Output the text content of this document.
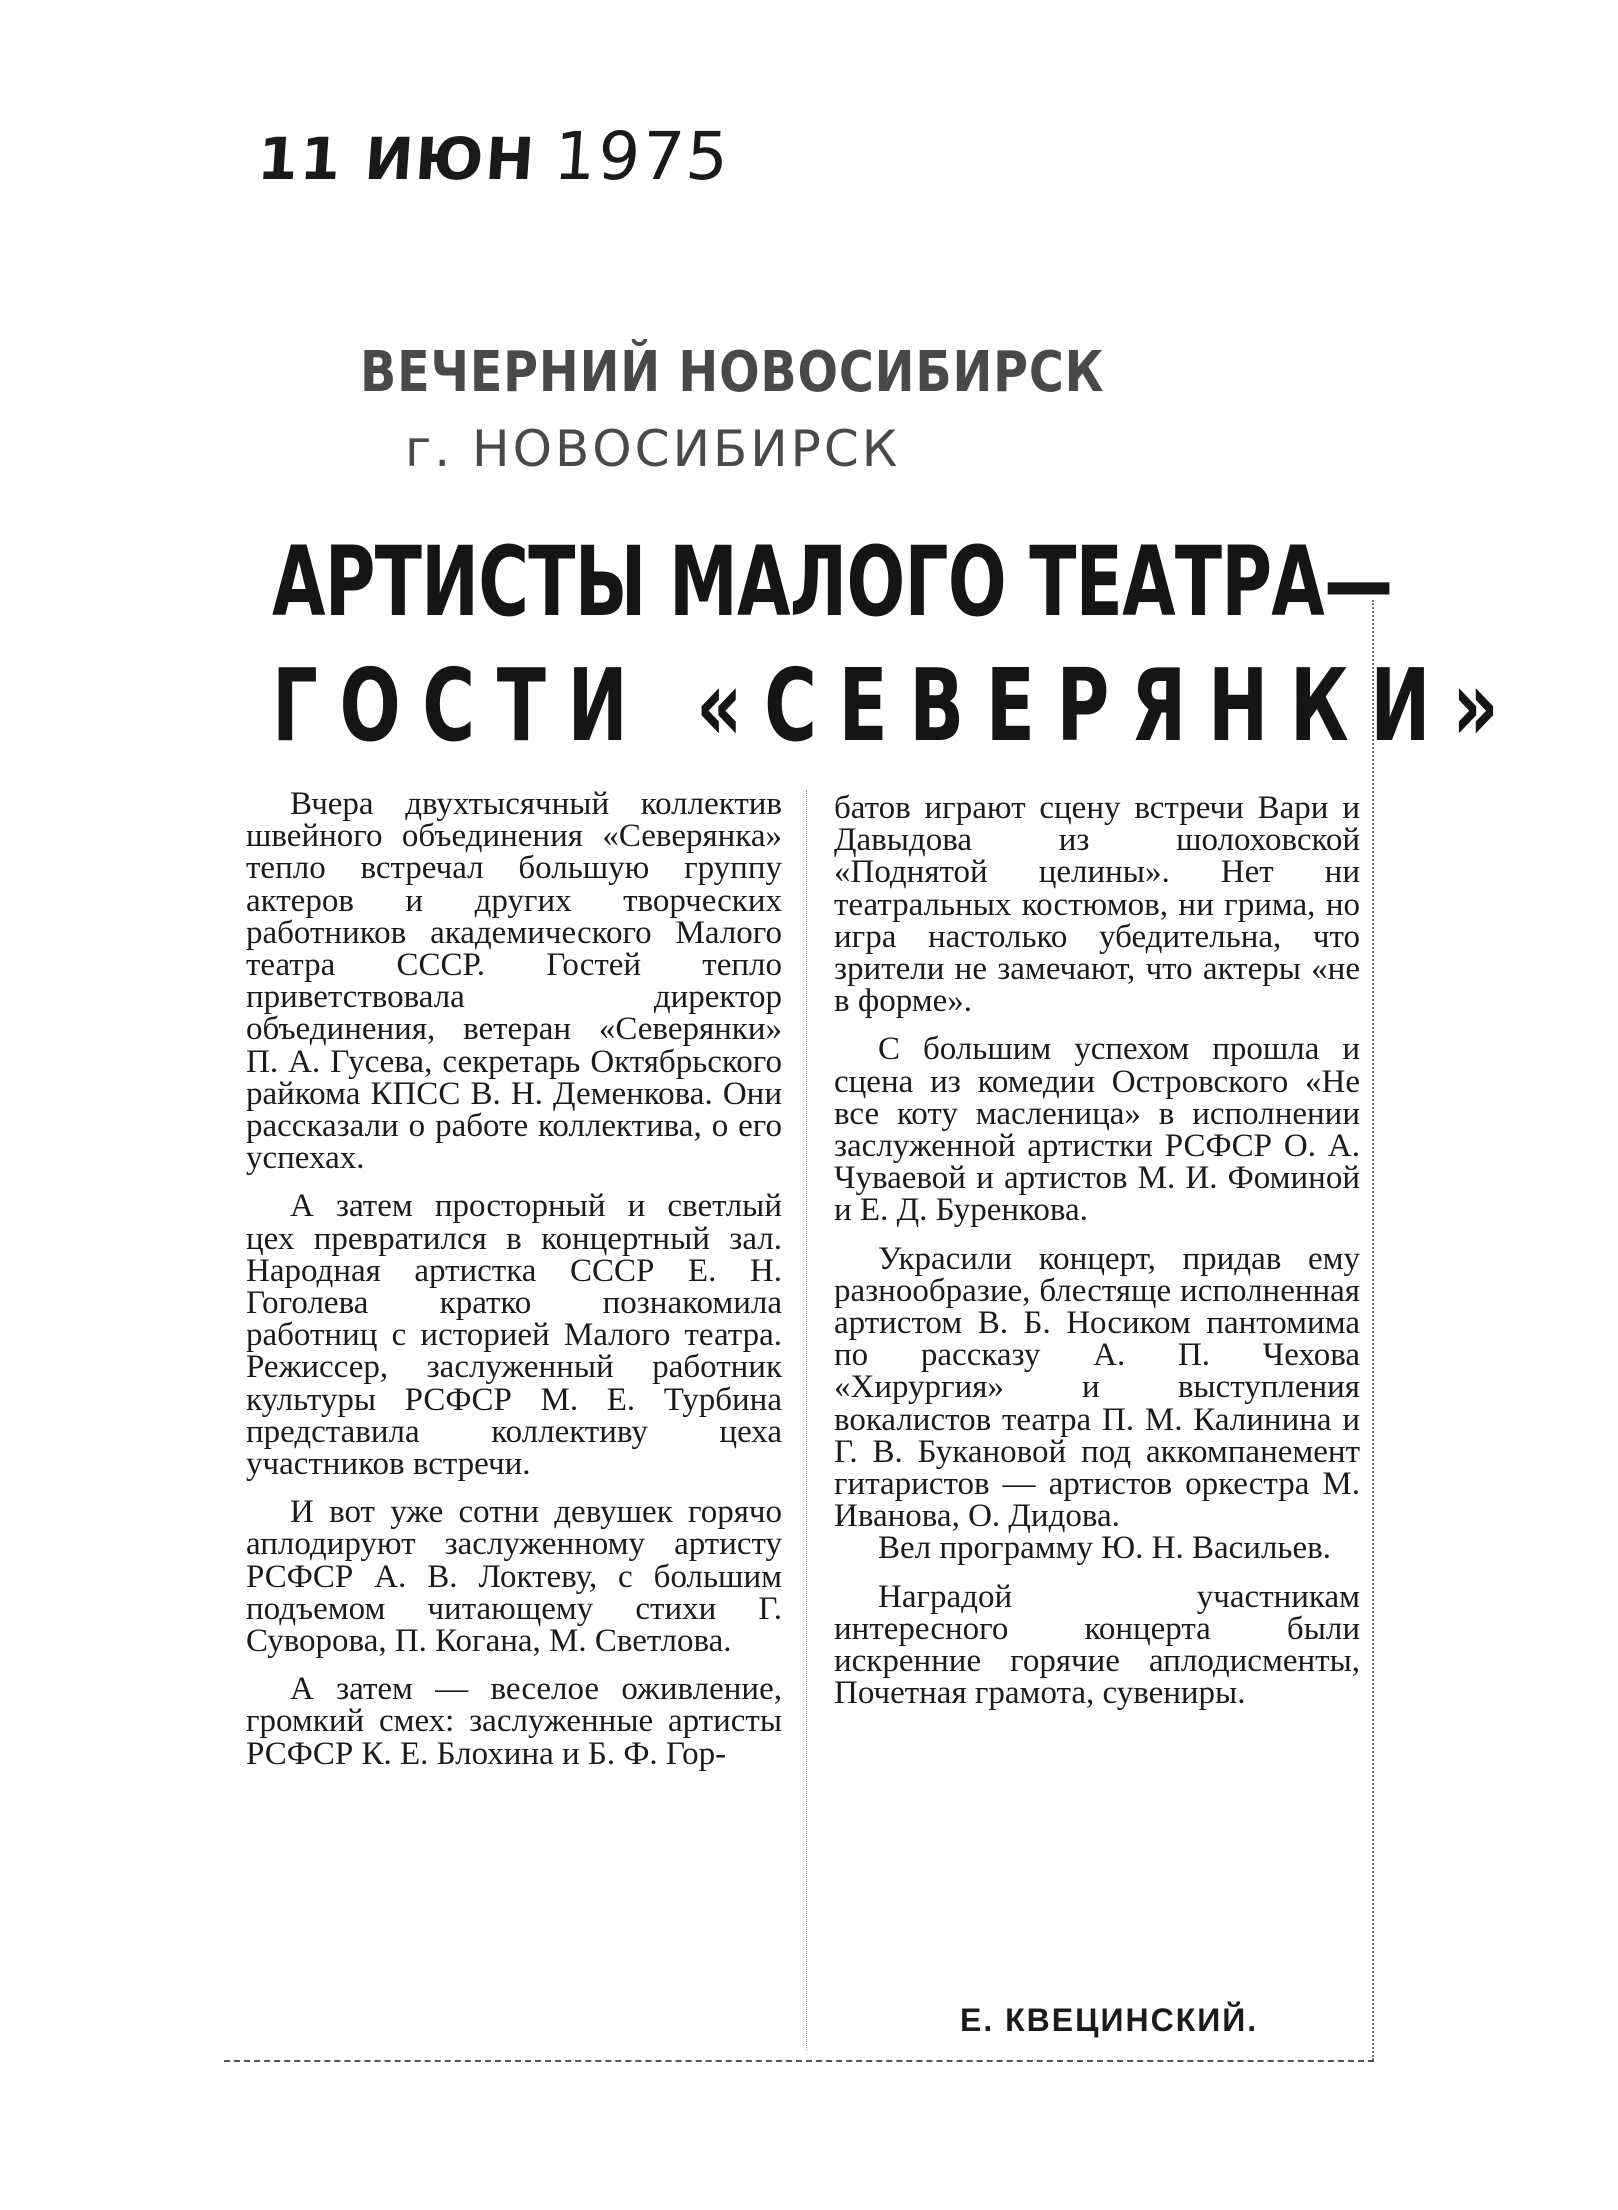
11 ИЮН 1975
ВЕЧЕРНИЙ НОВОСИБИРСК
г. НОВОСИБИРСК
АРТИСТЫ МАЛОГО ТЕАТРА—
ГОСТИ «СЕВЕРЯНКИ»

Вчера двухтысячный коллектив швейного объединения «Северянка» тепло встречал большую группу актеров и других творческих работников академического Малого театра СССР. Гостей тепло приветствовала директор объединения, ветеран «Северянки» П. А. Гусева, секретарь Октябрьского райкома КПСС В. Н. Деменкова. Они рассказали о работе коллектива, о его успехах.

А затем просторный и светлый цех превратился в концертный зал. Народная артистка СССР Е. Н. Гоголева кратко познакомила работниц с историей Малого театра. Режиссер, заслуженный работник культуры РСФСР М. Е. Турбина представила коллективу цеха участников встречи.

И вот уже сотни девушек горячо аплодируют заслуженному артисту РСФСР А. В. Локтеву, с большим подъемом читающему стихи Г. Суворова, П. Когана, М. Светлова.

А затем — веселое оживление, громкий смех: заслуженные артисты РСФСР К. Е. Блохина и Б. Ф. Гор-

батов играют сцену встречи Вари и Давыдова из шолоховской «Поднятой целины». Нет ни театральных костюмов, ни грима, но игра настолько убедительна, что зрители не замечают, что актеры «не в форме».

С большим успехом прошла и сцена из комедии Островского «Не все коту масленица» в исполнении заслуженной артистки РСФСР О. А. Чуваевой и артистов М. И. Фоминой и Е. Д. Буренкова.

Украсили концерт, придав ему разнообразие, блестяще исполненная артистом В. Б. Носиком пантомима по рассказу А. П. Чехова «Хирургия» и выступления вокалистов театра П. М. Калинина и Г. В. Букановой под аккомпанемент гитаристов — артистов оркестра М. Иванова, О. Дидова.

Вел программу Ю. Н. Васильев.

Наградой участникам интересного концерта были искренние горячие аплодисменты, Почетная грамота, сувениры.

Е. КВЕЦИНСКИЙ.
